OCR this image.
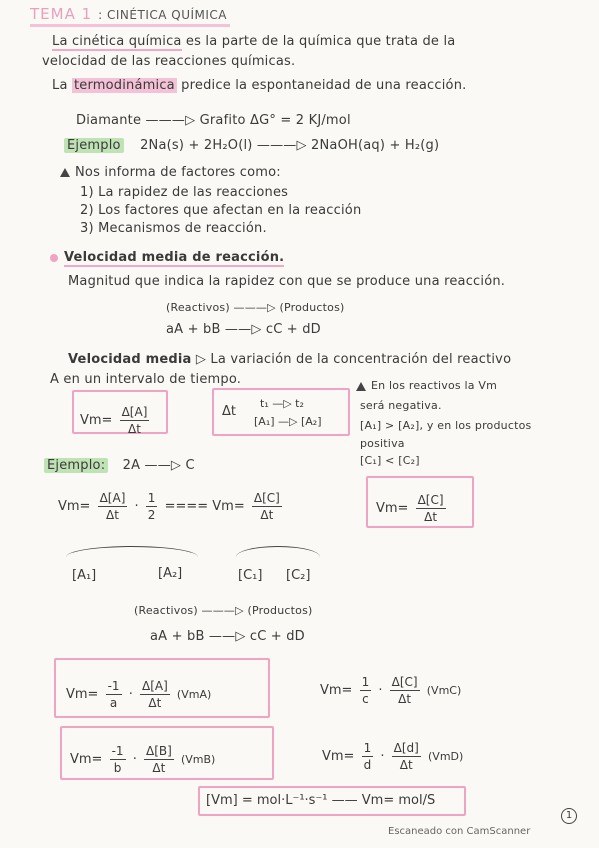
TEMA 1 : CINÉTICA QUÍMICA
La cinética química es la parte de la química que trata de la
velocidad de las reacciones químicas.
La termodinámica predice la espontaneidad de una reacción.
Diamante ———▷ Grafito ΔG° = 2 KJ/mol
Ejemplo 2Na(s) + 2H₂O(l) ———▷ 2NaOH(aq) + H₂(g)
Nos informa de factores como:
1) La rapidez de las reacciones
2) Los factores que afectan en la reacción
3) Mecanismos de reacción.
Velocidad media de reacción.
Magnitud que indica la rapidez con que se produce una reacción.
(Reactivos) ———▷ (Productos)
aA + bB ——▷ cC + dD
Velocidad media ▷ La variación de la concentración del reactivo
A en un intervalo de tiempo.
$Vm= \frac{\Delta[A]}{\Delta t}$	Δt
t₁ —▷ t₂
[A₁] —▷ [A₂]
En los reactivos la Vm
será negativa.
[A₁] > [A₂], y en los productos
positiva
[C₁] < [C₂]
Ejemplo: 2A ——▷ C
$Vm= \frac{\Delta[A]}{\Delta t} \cdot \frac{1}{2}$ ==== $Vm= \frac{\Delta[C]}{\Delta t}$	$Vm= \frac{\Delta[C]}{\Delta t}$
[A₁]	[A₂]	[C₁] [C₂]
(Reactivos) ———▷ (Productos)
aA + bB ——▷ cC + dD
$Vm= \frac{-1}{a} \cdot \frac{\Delta[A]}{\Delta t} (VmA)$	$Vm= \frac{1}{c} \cdot \frac{\Delta[C]}{\Delta t} (VmC)$
$Vm= \frac{-1}{b} \cdot \frac{\Delta[B]}{\Delta t} (VmB)$	$Vm= \frac{1}{d} \cdot \frac{\Delta[d]}{\Delta t} (VmD)$
[Vm] = mol·L⁻¹·s⁻¹ —— Vm= mol/S
1
Escaneado con CamScanner
